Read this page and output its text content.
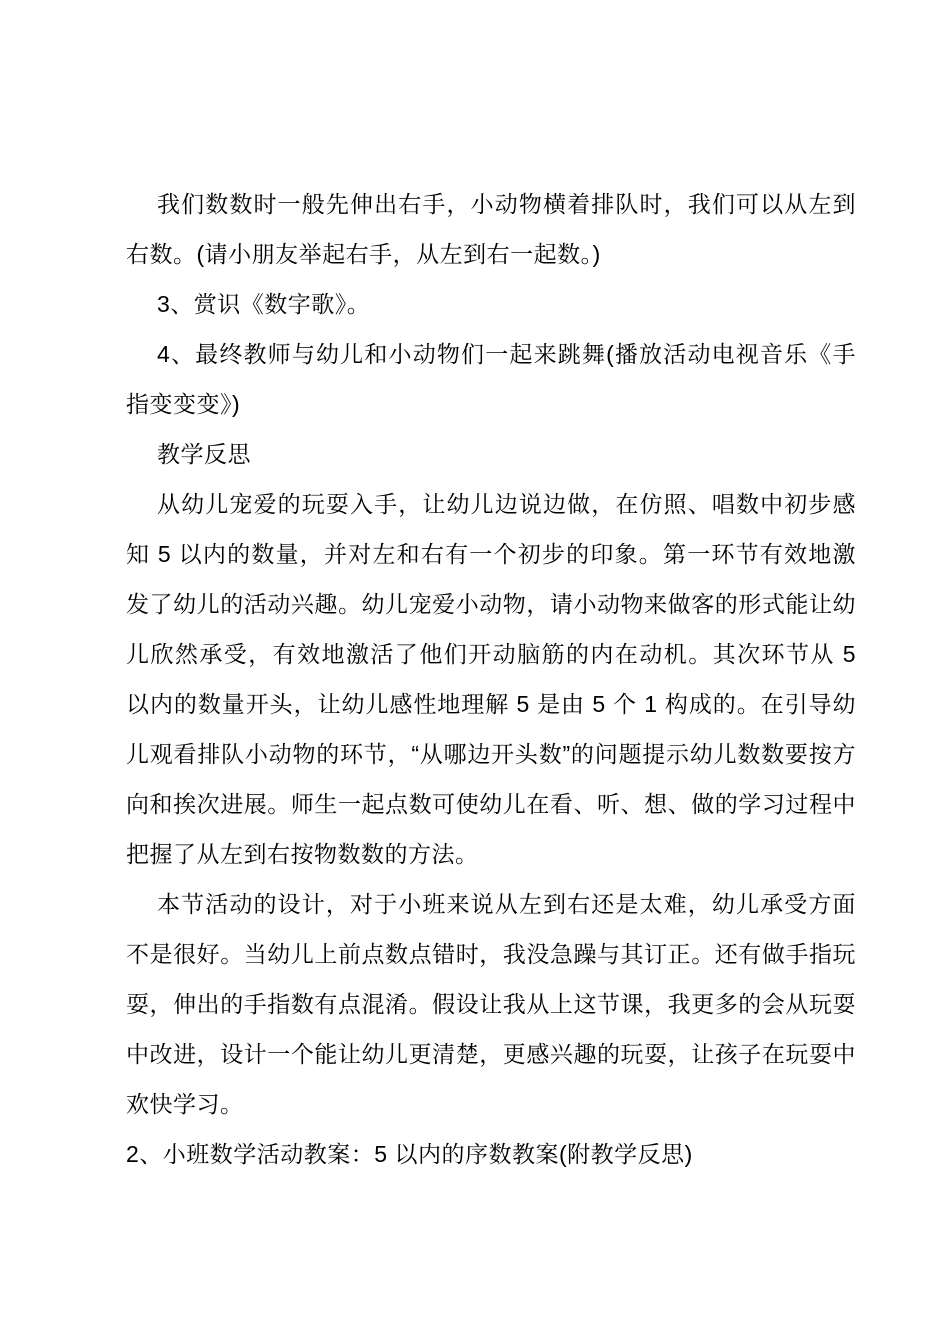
我们数数时一般先伸出右手，小动物横着排队时，我们可以从左到右数。(请小朋友举起右手，从左到右一起数。)

3、赏识《数字歌》。

4、最终教师与幼儿和小动物们一起来跳舞(播放活动电视音乐《手指变变变》)

教学反思

从幼儿宠爱的玩耍入手，让幼儿边说边做，在仿照、唱数中初步感知 5 以内的数量，并对左和右有一个初步的印象。第一环节有效地激发了幼儿的活动兴趣。幼儿宠爱小动物，请小动物来做客的形式能让幼儿欣然承受，有效地激活了他们开动脑筋的内在动机。其次环节从 5 以内的数量开头，让幼儿感性地理解 5 是由 5 个 1 构成的。在引导幼儿观看排队小动物的环节，“从哪边开头数”的问题提示幼儿数数要按方向和挨次进展。师生一起点数可使幼儿在看、听、想、做的学习过程中把握了从左到右按物数数的方法。

本节活动的设计，对于小班来说从左到右还是太难，幼儿承受方面不是很好。当幼儿上前点数点错时，我没急躁与其订正。还有做手指玩耍，伸出的手指数有点混淆。假设让我从上这节课，我更多的会从玩耍中改进，设计一个能让幼儿更清楚，更感兴趣的玩耍，让孩子在玩耍中欢快学习。

2、小班数学活动教案：5 以内的序数教案(附教学反思)
